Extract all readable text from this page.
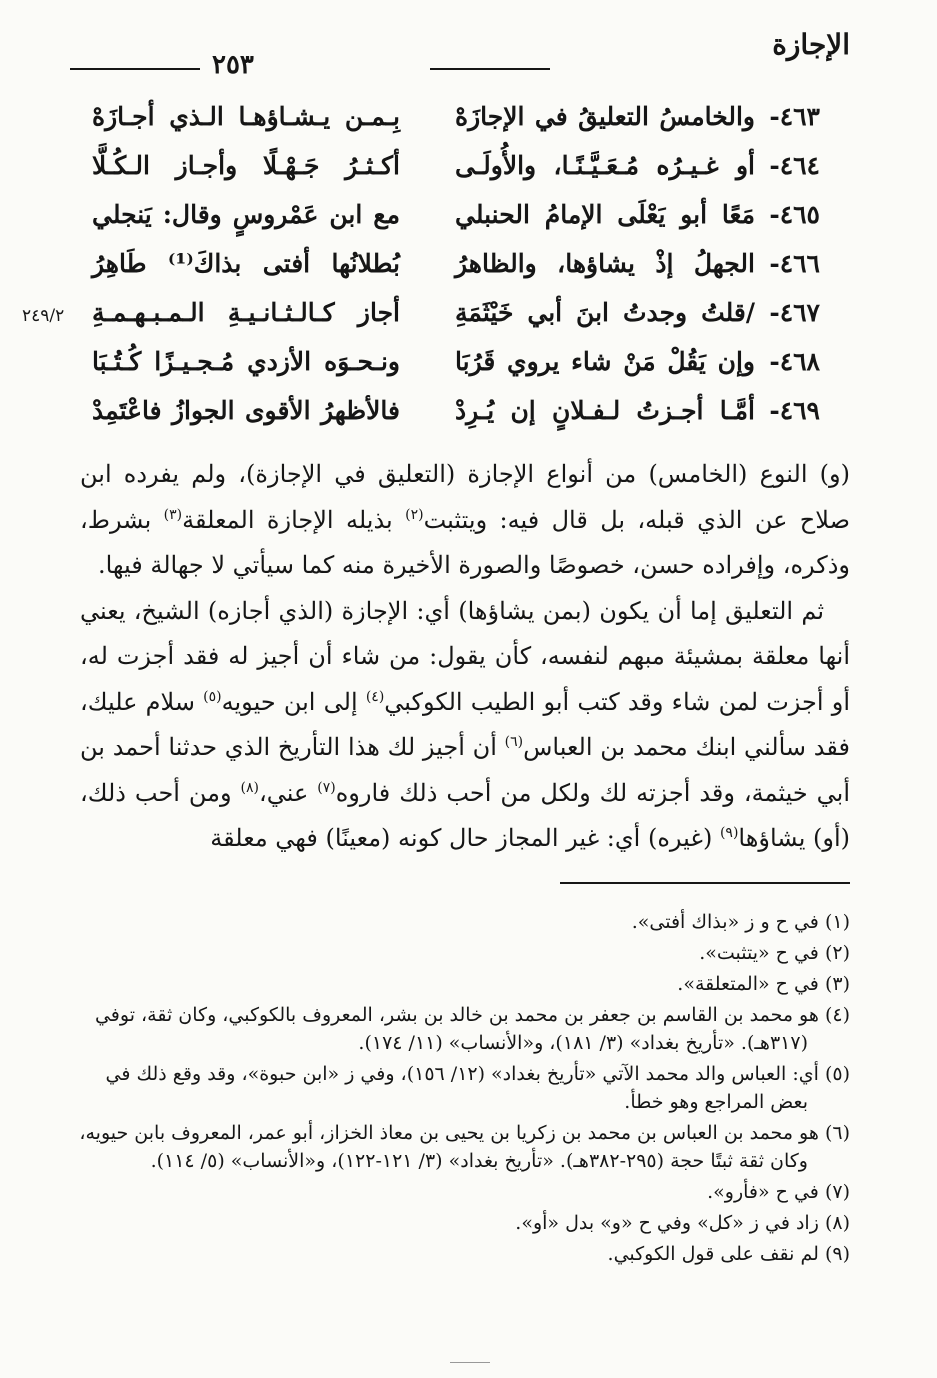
الإجازة
٢٥٣
٢٤٩/٢
٤٦٣-
والخامسُ التعليقُ في الإجازَهْ
بِـمـن يـشـاؤهـا الـذي أجـازَهْ
٤٦٤-
أو غـيـرُه مُـعَـيَّـنًـا، والأُولَـى
أكـثـرُ جَـهْـلًا وأجـاز الـكُـلَّا
٤٦٥-
مَعًا أبو يَعْلَى الإمامُ الحنبلي
مع ابن عَمْروسٍ وقال: يَنجلي
٤٦٦-
الجهلُ إذْ يشاؤها، والظاهرُ
بُطلانُها أفتى بذاكَ⁽¹⁾ طَاهِرُ
٤٦٧-
/قلتُ وجدتُ ابنَ أبي خَيْثَمَةِ
أجاز كـالـثـانـيـةِ الـمـبـهـمـةِ
٤٦٨-
وإن يَقُلْ مَنْ شاء يروي قَرُبَا
ونـحـوَه الأزدي مُـجـيـزًا كُـتُـبَا
٤٦٩-
أمَّـا أجـزتُ لـفـلانٍ إن يُـرِدْ
فالأظهرُ الأقوى الجوازُ فاعْتَمِدْ

(و) النوع (الخامس) من أنواع الإجازة (التعليق في الإجازة)، ولم يفرده ابن صلاح عن الذي قبله، بل قال فيه: ويتثبت$^{(٢)}$ بذيله الإجازة المعلقة$^{(٣)}$ بشرط، وذكره، وإفراده حسن، خصوصًا والصورة الأخيرة منه كما سيأتي لا جهالة فيها.

ثم التعليق إما أن يكون (بمن يشاؤها) أي: الإجازة (الذي أجازه) الشيخ، يعني أنها معلقة بمشيئة مبهم لنفسه، كأن يقول: من شاء أن أجيز له فقد أجزت له، أو أجزت لمن شاء وقد كتب أبو الطيب الكوكبي$^{(٤)}$ إلى ابن حيويه$^{(٥)}$ سلام عليك، فقد سألني ابنك محمد بن العباس$^{(٦)}$ أن أجيز لك هذا التأريخ الذي حدثنا أحمد بن أبي خيثمة، وقد أجزته لك ولكل من أحب ذلك فاروه$^{(٧)}$ عني،$^{(٨)}$ ومن أحب ذلك، (أو) يشاؤها$^{(٩)}$ (غيره) أي: غير المجاز حال كونه (معينًا) فهي معلقة

(١) في ح و ز «بذاك أفتى».
(٢) في ح «يتثبت».
(٣) في ح «المتعلقة».
(٤) هو محمد بن القاسم بن جعفر بن محمد بن خالد بن بشر، المعروف بالكوكبي، وكان ثقة، توفي
(٣١٧هـ). «تأريخ بغداد» (٣/ ١٨١)، و«الأنساب» (١١/ ١٧٤).
(٥) أي: العباس والد محمد الآتي «تأريخ بغداد» (١٢/ ١٥٦)، وفي ز «ابن حبوة»، وقد وقع ذلك في
بعض المراجع وهو خطأ.
(٦) هو محمد بن العباس بن محمد بن زكريا بن يحيى بن معاذ الخزاز، أبو عمر، المعروف بابن حيويه،
وكان ثقة ثبتًا حجة (٢٩٥-٣٨٢هـ). «تأريخ بغداد» (٣/ ١٢١-١٢٢)، و«الأنساب» (٥/ ١١٤).
(٧) في ح «فأرو».
(٨) زاد في ز «كل» وفي ح «و» بدل «أو».
(٩) لم نقف على قول الكوكبي.
